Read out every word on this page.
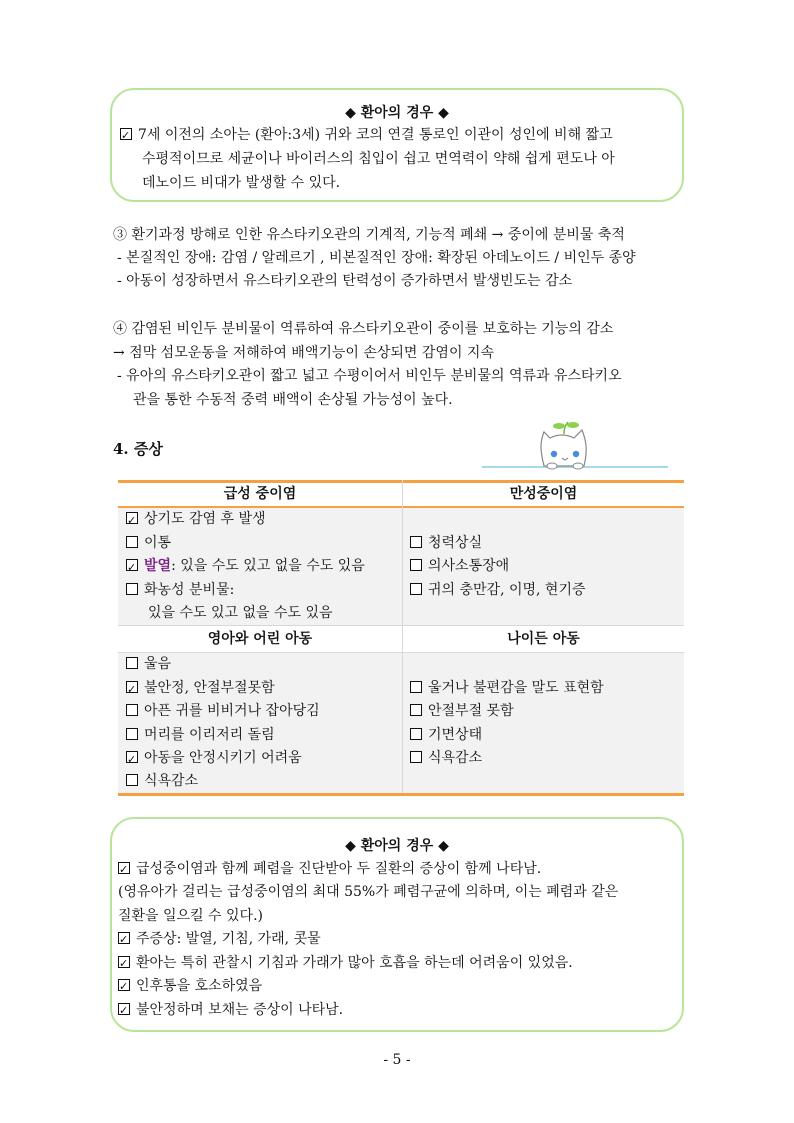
◆ 환아의 경우 ◆
✓7세 이전의 소아는 (환아:3세) 귀와 코의 연결 통로인 이관이 성인에 비해 짧고
수평적이므로 세균이나 바이러스의 침입이 쉽고 면역력이 약해 쉽게 편도나 아
데노이드 비대가 발생할 수 있다.
③ 환기과정 방해로 인한 유스타키오관의 기계적, 기능적 폐쇄 → 중이에 분비물 축적
- 본질적인 장애: 감염 / 알레르기 , 비본질적인 장애: 확장된 아데노이드 / 비인두 종양
- 아동이 성장하면서 유스타키오관의 탄력성이 증가하면서 발생빈도는 감소
④ 감염된 비인두 분비물이 역류하여 유스타키오관이 중이를 보호하는 기능의 감소
→ 점막 섬모운동을 저해하여 배액기능이 손상되면 감염이 지속
- 유아의 유스타키오관이 짧고 넓고 수평이어서 비인두 분비물의 역류과 유스타키오
관을 통한 수동적 중력 배액이 손상될 가능성이 높다.
4. 증상
급성 중이염	만성중이염
✓상기도 감염 후 발생
이통
✓발열: 있을 수도 있고 없을 수도 있음
화농성 분비물:
있을 수도 있고 없을 수도 있음
청력상실
의사소통장애
귀의 충만감, 이명, 현기증
영아와 어린 아동	나이든 아동
울음
✓불안정, 안절부절못함
아픈 귀를 비비거나 잡아당김
머리를 이리저리 돌림
✓아동을 안정시키기 어려움
식욕감소
울거나 불편감을 말도 표현함
안절부절 못함
기면상태
식욕감소
◆ 환아의 경우 ◆
✓급성중이염과 함께 폐렴을 진단받아 두 질환의 증상이 함께 나타남.
(영유아가 걸리는 급성중이염의 최대 55%가 폐렴구균에 의하며, 이는 폐렴과 같은
질환을 일으킬 수 있다.)
✓주증상: 발열, 기침, 가래, 콧물
✓환아는 특히 관찰시 기침과 가래가 많아 호흡을 하는데 어려움이 있었음.
✓인후통을 호소하였음
✓불안정하며 보채는 증상이 나타남.
- 5 -
